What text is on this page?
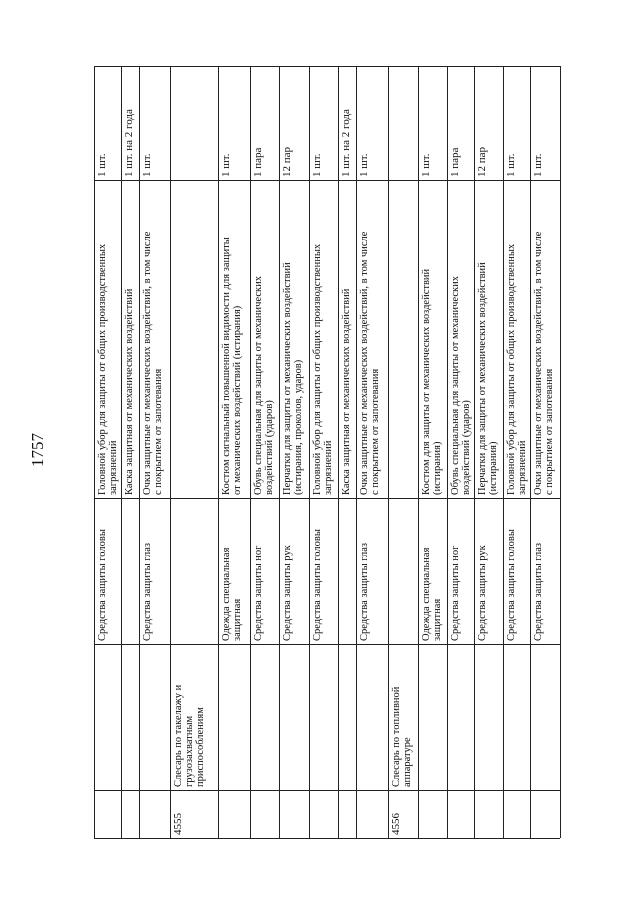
1757
Средства защиты головы
Головной убор для защиты от общих производственных
загрязнений
1 шт.
Каска защитная от механических воздействий
1 шт. на 2 года
Средства защиты глаз
Очки защитные от механических воздействий, в том числе
с покрытием от запотевания
1 шт.
4555
Слесарь по такелажу и
грузозахватным
приспособлениям
Одежда специальная
защитная
Костюм сигнальный повышенной видимости для защиты
от механических воздействий (истирания)
1 шт.
Средства защиты ног
Обувь специальная для защиты от механических
воздействий (ударов)
1 пара
Средства защиты рук
Перчатки для защиты от механических воздействий
(истирания, проколов, ударов)
12 пар
Средства защиты головы
Головной убор для защиты от общих производственных
загрязнений
1 шт.
Каска защитная от механических воздействий
1 шт. на 2 года
Средства защиты глаз
Очки защитные от механических воздействий, в том числе
с покрытием от запотевания
1 шт.
4556
Слесарь по топливной
аппаратуре
Одежда специальная
защитная
Костюм для защиты от механических воздействий
(истирания)
1 шт.
Средства защиты ног
Обувь специальная для защиты от механических
воздействий (ударов)
1 пара
Средства защиты рук
Перчатки для защиты от механических воздействий
(истирания)
12 пар
Средства защиты головы
Головной убор для защиты от общих производственных
загрязнений
1 шт.
Средства защиты глаз
Очки защитные от механических воздействий, в том числе
с покрытием от запотевания
1 шт.
